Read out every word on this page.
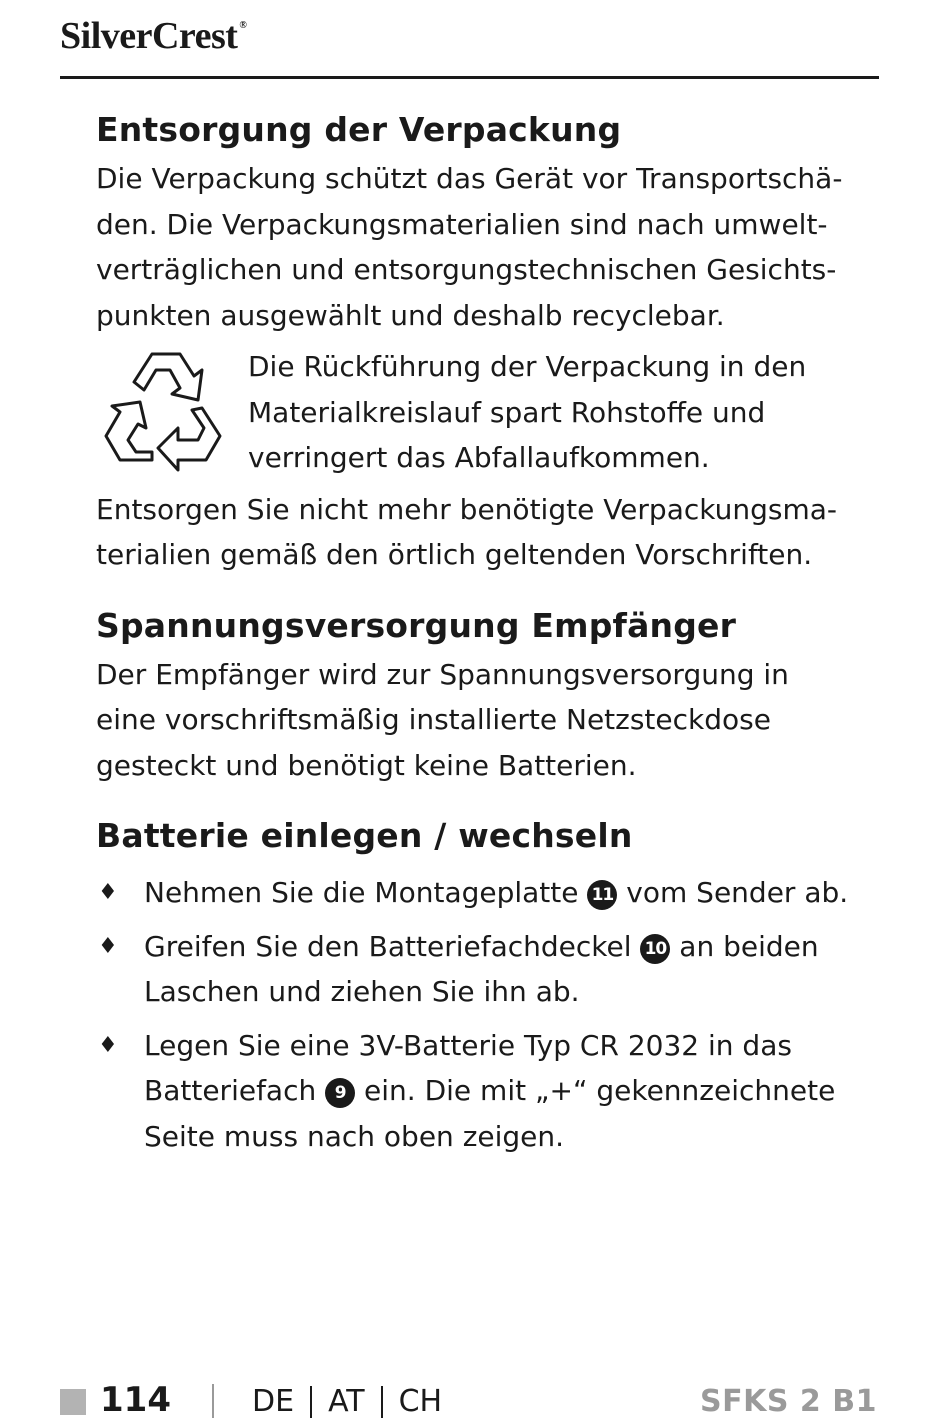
SilverCrest ®
Entsorgung der Verpackung

Die Verpackung schützt das Gerät vor Transportschä-den. Die Verpackungsmaterialien sind nach umwelt-verträglichen und entsorgungstechnischen Gesichts-punkten ausgewählt und deshalb recyclebar.

Die Rückführung der Verpackung in den Materialkreislauf spart Rohstoffe und verringert das Abfallaufkommen.

Entsorgen Sie nicht mehr benötigte Verpackungsma-terialien gemäß den örtlich geltenden Vorschriften.

Spannungsversorgung Empfänger

Der Empfänger wird zur Spannungsversorgung in eine vorschriftsmäßig installierte Netzsteckdose gesteckt und benötigt keine Batterien.

Batterie einlegen / wechseln
♦ Nehmen Sie die Montageplatte 11 vom Sender ab.
♦ Greifen Sie den Batteriefachdeckel 10 an beiden Laschen und ziehen Sie ihn ab.
♦ Legen Sie eine 3V-Batterie Typ CR 2032 in das Batteriefach 9 ein. Die mit „+“ gekennzeichnete Seite muss nach oben zeigen.
114	DE AT CH	SFKS 2 B1
